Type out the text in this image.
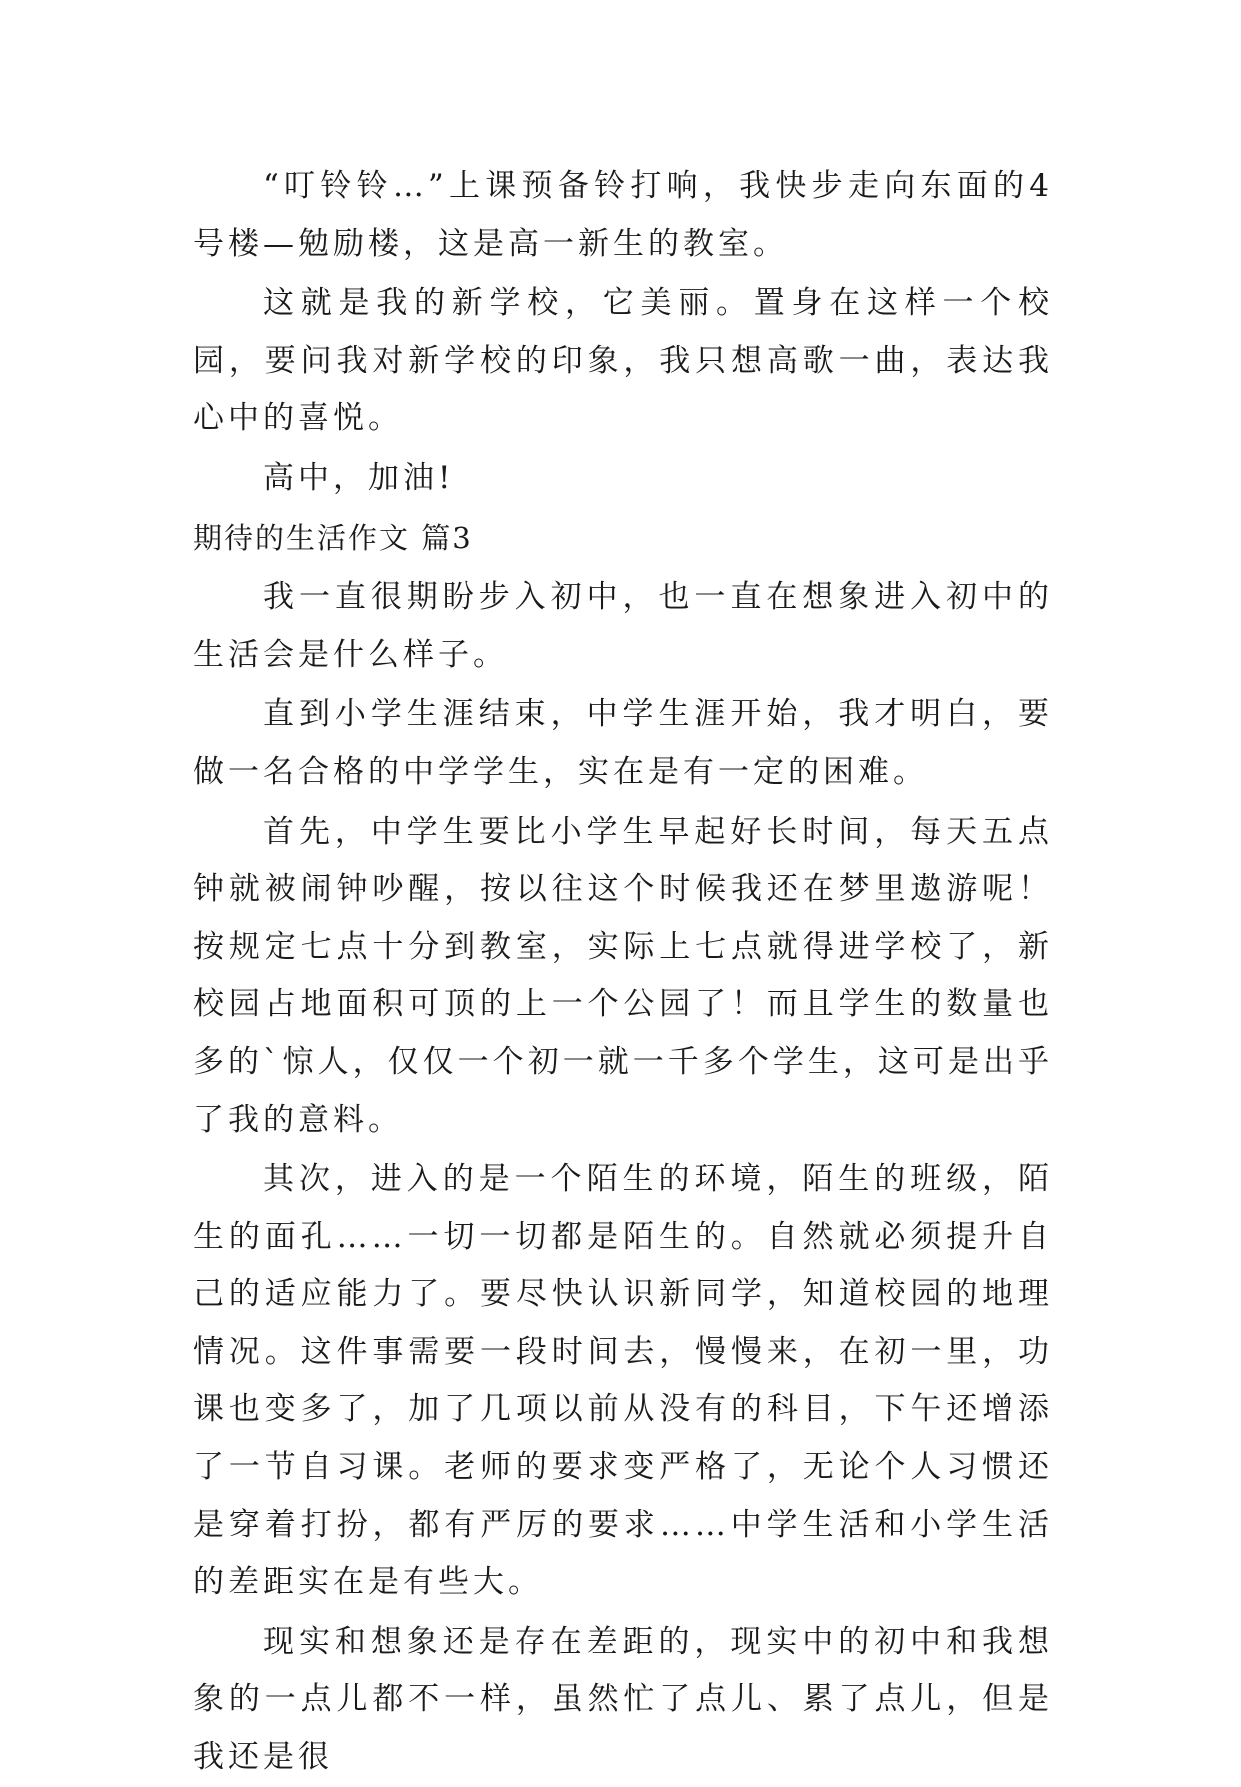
“叮铃铃…”上课预备铃打响，我快步走向东面的4号楼—勉励楼，这是高一新生的教室。

这就是我的新学校，它美丽。置身在这样一个校园，要问我对新学校的印象，我只想高歌一曲，表达我心中的喜悦。

高中，加油!

期待的生活作文 篇3

我一直很期盼步入初中，也一直在想象进入初中的生活会是什么样子。

直到小学生涯结束，中学生涯开始，我才明白，要做一名合格的中学学生，实在是有一定的困难。

首先，中学生要比小学生早起好长时间，每天五点钟就被闹钟吵醒，按以往这个时候我还在梦里遨游呢！按规定七点十分到教室，实际上七点就得进学校了，新校园占地面积可顶的上一个公园了！而且学生的数量也多的`惊人，仅仅一个初一就一千多个学生，这可是出乎了我的意料。

其次，进入的是一个陌生的环境，陌生的班级，陌生的面孔……一切一切都是陌生的。自然就必须提升自己的适应能力了。要尽快认识新同学，知道校园的地理情况。这件事需要一段时间去，慢慢来，在初一里，功课也变多了，加了几项以前从没有的科目，下午还增添了一节自习课。老师的要求变严格了，无论个人习惯还是穿着打扮，都有严厉的要求……中学生活和小学生活的差距实在是有些大。

现实和想象还是存在差距的，现实中的初中和我想象的一点儿都不一样，虽然忙了点儿、累了点儿，但是我还是很
